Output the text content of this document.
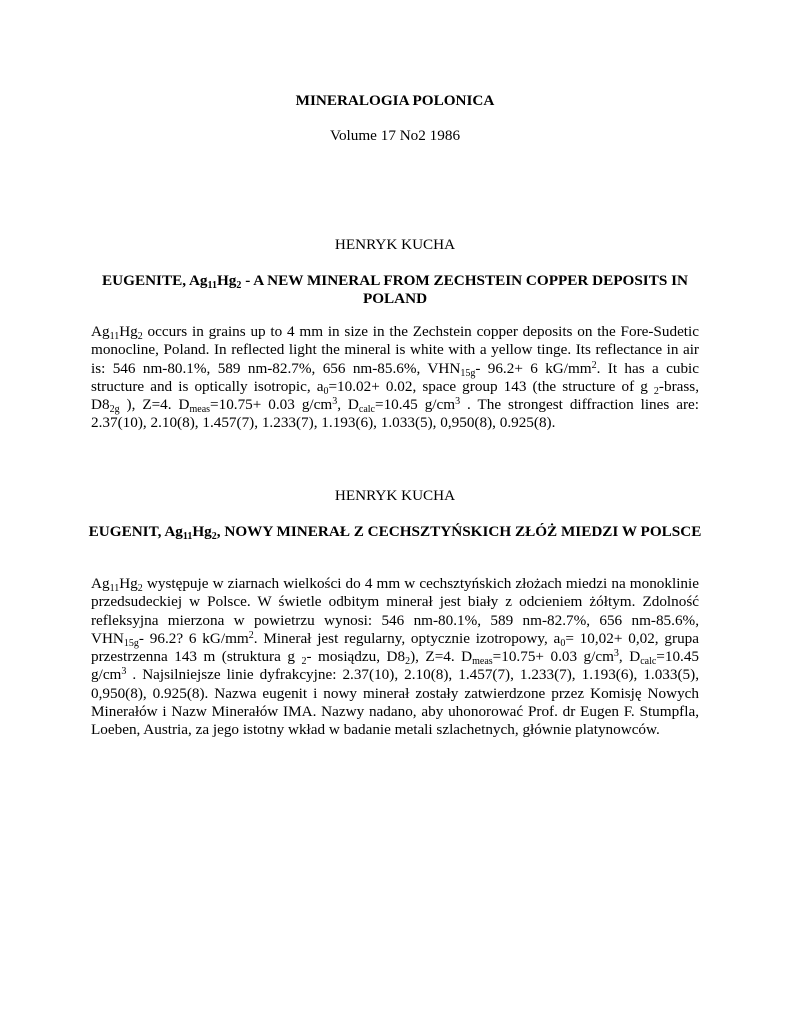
MINERALOGIA POLONICA
Volume 17 No2 1986
HENRYK KUCHA
EUGENITE, $Ag_{11}Hg_2$ - A NEW MINERAL FROM ZECHSTEIN COPPER DEPOSITS IN POLAND

$Ag_{11}Hg_2$ occurs in grains up to 4 mm in size in the Zechstein copper deposits on the Fore-Sudetic monocline, Poland. In reflected light the mineral is white with a yellow tinge. Its reflectance in air is: 546 nm-80.1%, 589 nm-82.7%, 656 nm-85.6%, $VHN_{15g}-$ 96.2+ 6 $kG/mm^2$. It has a cubic structure and is optically isotropic, $a_0=10.02+ 0.02$, space group 143 (the structure of g $_2$-brass, $D8_{2g}$ ), Z=4. $D_{meas}=10.75+ 0.03$ $g/cm^3$, $D_{calc}=10.45$ $g/cm^3$ . The strongest diffraction lines are: 2.37(10), 2.10(8), 1.457(7), 1.233(7), 1.193(6), 1.033(5), 0,950(8), 0.925(8).

HENRYK KUCHA
EUGENIT, $Ag_{11}Hg_2$, NOWY MINERAŁ Z CECHSZTYŃSKICH ZŁÓŻ MIEDZI W POLSCE

$Ag_{11}Hg_2$ występuje w ziarnach wielkości do 4 mm w cechsztyńskich złożach miedzi na monoklinie przedsudeckiej w Polsce. W świetle odbitym minerał jest biały z odcieniem żółtym. Zdolność refleksyjna mierzona w powietrzu wynosi: 546 nm-80.1%, 589 nm-82.7%, 656 nm-85.6%, $VHN_{15g}-$ 96.2? 6 $kG/mm^2$. Minerał jest regularny, optycznie izotropowy, $a_0= 10,02+ 0,02$, grupa przestrzenna 143 m (struktura g $_2$- mosiądzu, $D8_2$), Z=4. $D_{meas}=10.75+ 0.03$ $g/cm^3$, $D_{calc}=10.45$ $g/cm^3$ . Najsilniejsze linie dyfrakcyjne: 2.37(10), 2.10(8), 1.457(7), 1.233(7), 1.193(6), 1.033(5), 0,950(8), 0.925(8). Nazwa eugenit i nowy minerał zostały zatwierdzone przez Komisję Nowych Minerałów i Nazw Minerałów IMA. Nazwy nadano, aby uhonorować Prof. dr Eugen F. Stumpfla, Loeben, Austria, za jego istotny wkład w badanie metali szlachetnych, głównie platynowców.
